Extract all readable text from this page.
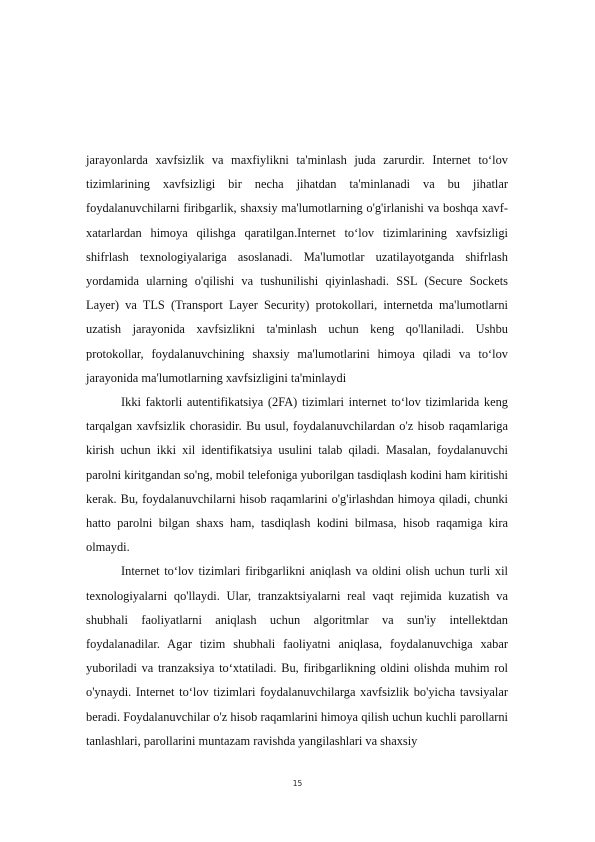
jarayonlarda xavfsizlik va maxfiylikni ta'minlash juda zarurdir. Internet to‘lov tizimlarining xavfsizligi bir necha jihatdan ta'minlanadi va bu jihatlar foydalanuvchilarni firibgarlik, shaxsiy ma'lumotlarning o'g'irlanishi va boshqa xavf-xatarlardan himoya qilishga qaratilgan.Internet to‘lov tizimlarining xavfsizligi shifrlash texnologiyalariga asoslanadi. Ma'lumotlar uzatilayotganda shifrlash yordamida ularning o'qilishi va tushunilishi qiyinlashadi. SSL (Secure Sockets Layer) va TLS (Transport Layer Security) protokollari, internetda ma'lumotlarni uzatish jarayonida xavfsizlikni ta'minlash uchun keng qo'llaniladi. Ushbu protokollar, foydalanuvchining shaxsiy ma'lumotlarini himoya qiladi va to‘lov jarayonida ma'lumotlarning xavfsizligini ta'minlaydi

Ikki faktorli autentifikatsiya (2FA) tizimlari internet to‘lov tizimlarida keng tarqalgan xavfsizlik chorasidir. Bu usul, foydalanuvchilardan o'z hisob raqamlariga kirish uchun ikki xil identifikatsiya usulini talab qiladi. Masalan, foydalanuvchi parolni kiritgandan so'ng, mobil telefoniga yuborilgan tasdiqlash kodini ham kiritishi kerak. Bu, foydalanuvchilarni hisob raqamlarini o'g'irlashdan himoya qiladi, chunki hatto parolni bilgan shaxs ham, tasdiqlash kodini bilmasa, hisob raqamiga kira olmaydi.

Internet to‘lov tizimlari firibgarlikni aniqlash va oldini olish uchun turli xil texnologiyalarni qo'llaydi. Ular, tranzaktsiyalarni real vaqt rejimida kuzatish va shubhali faoliyatlarni aniqlash uchun algoritmlar va sun'iy intellektdan foydalanadilar. Agar tizim shubhali faoliyatni aniqlasa, foydalanuvchiga xabar yuboriladi va tranzaksiya to‘xtatiladi. Bu, firibgarlikning oldini olishda muhim rol o'ynaydi. Internet to‘lov tizimlari foydalanuvchilarga xavfsizlik bo'yicha tavsiyalar beradi. Foydalanuvchilar o'z hisob raqamlarini himoya qilish uchun kuchli parollarni tanlashlari, parollarini muntazam ravishda yangilashlari va shaxsiy

15
